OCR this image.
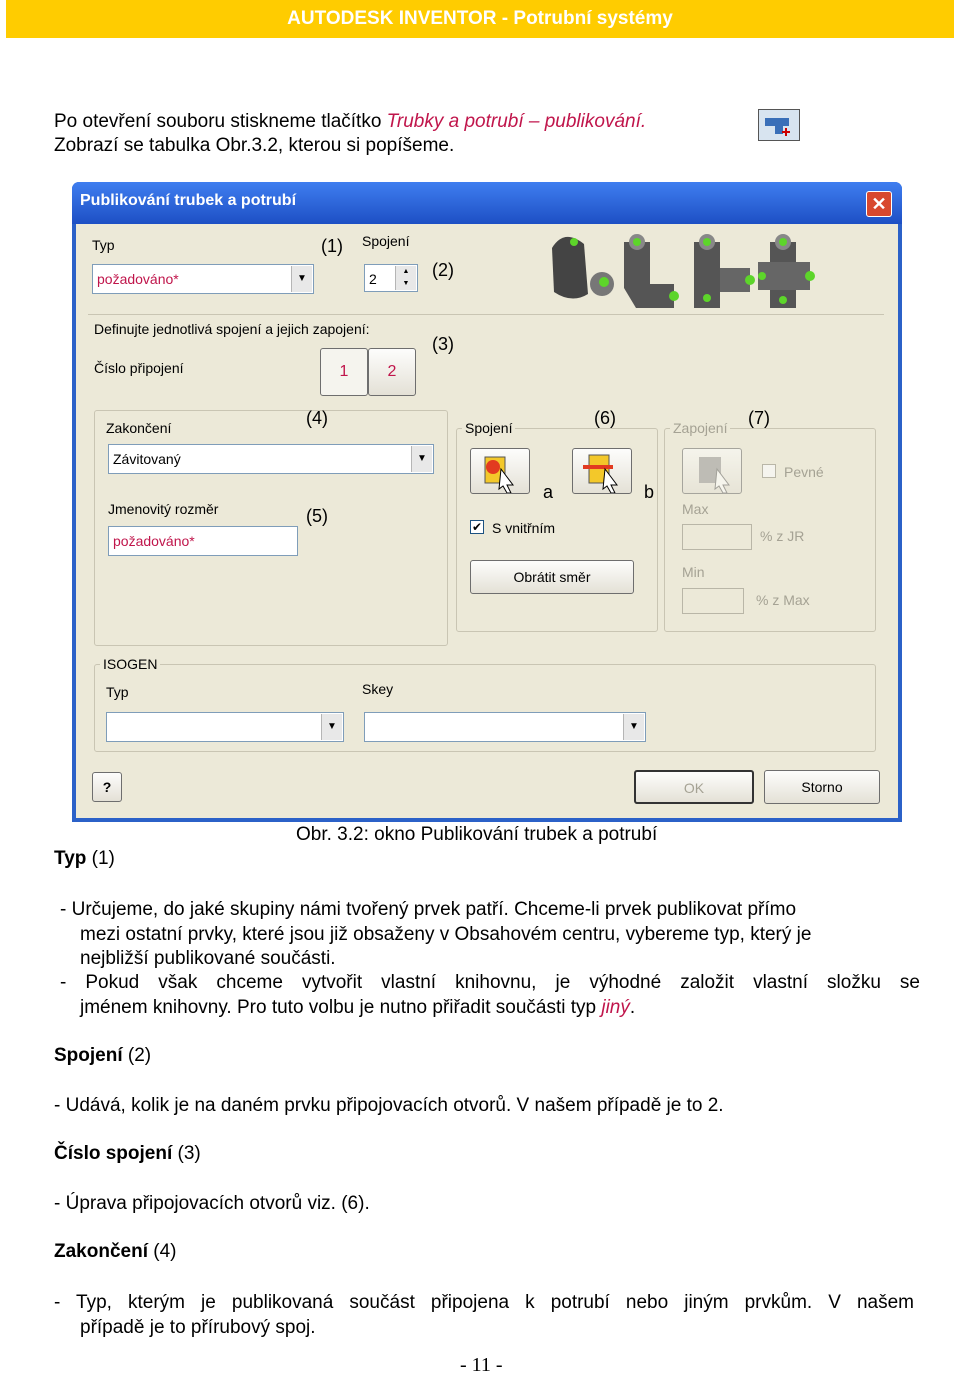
AUTODESK INVENTOR - Potrubní systémy
Po otevření souboru stiskneme tlačítko Trubky a potrubí – publikování.
Zobrazí se tabulka Obr.3.2, kterou si popíšeme.
Publikování trubek a potrubí	✕
Typ
požadováno*	▼
Spojení
2	▲
▼
Definujte jednotlivá spojení a jejich zapojení:
Číslo připojení	1	2
Zakončení
Závitovaný	▼
Jmenovitý rozměr
požadováno*
Spojení
✔ S vnitřním
Obrátit směr
Zapojení
Pevné
Max
% z JR
Min
% z Max
ISOGEN
Typ
▼
Skey
▼
?	OK	Storno
(1)
(2)
(3)
(4)
(5)
(6)	(7)
a	b
Obr. 3.2: okno Publikování trubek a potrubí
Typ (1)
- Určujeme, do jaké skupiny námi tvořený prvek patří. Chceme-li prvek publikovat přímo
mezi ostatní prvky, které jsou již obsaženy v Obsahovém centru, vybereme typ, který je
nejbližší publikované součásti.
- Pokud však chceme vytvořit vlastní knihovnu, je výhodné založit vlastní složku se
jménem knihovny. Pro tuto volbu je nutno přiřadit součásti typ jiný.
Spojení (2)
- Udává, kolik je na daném prvku připojovacích otvorů. V našem případě je to 2.
Číslo spojení (3)
- Úprava připojovacích otvorů viz. (6).
Zakončení (4)
- Typ, kterým je publikovaná součást připojena k potrubí nebo jiným prvkům. V našem
případě je to přírubový spoj.
- 11 -
